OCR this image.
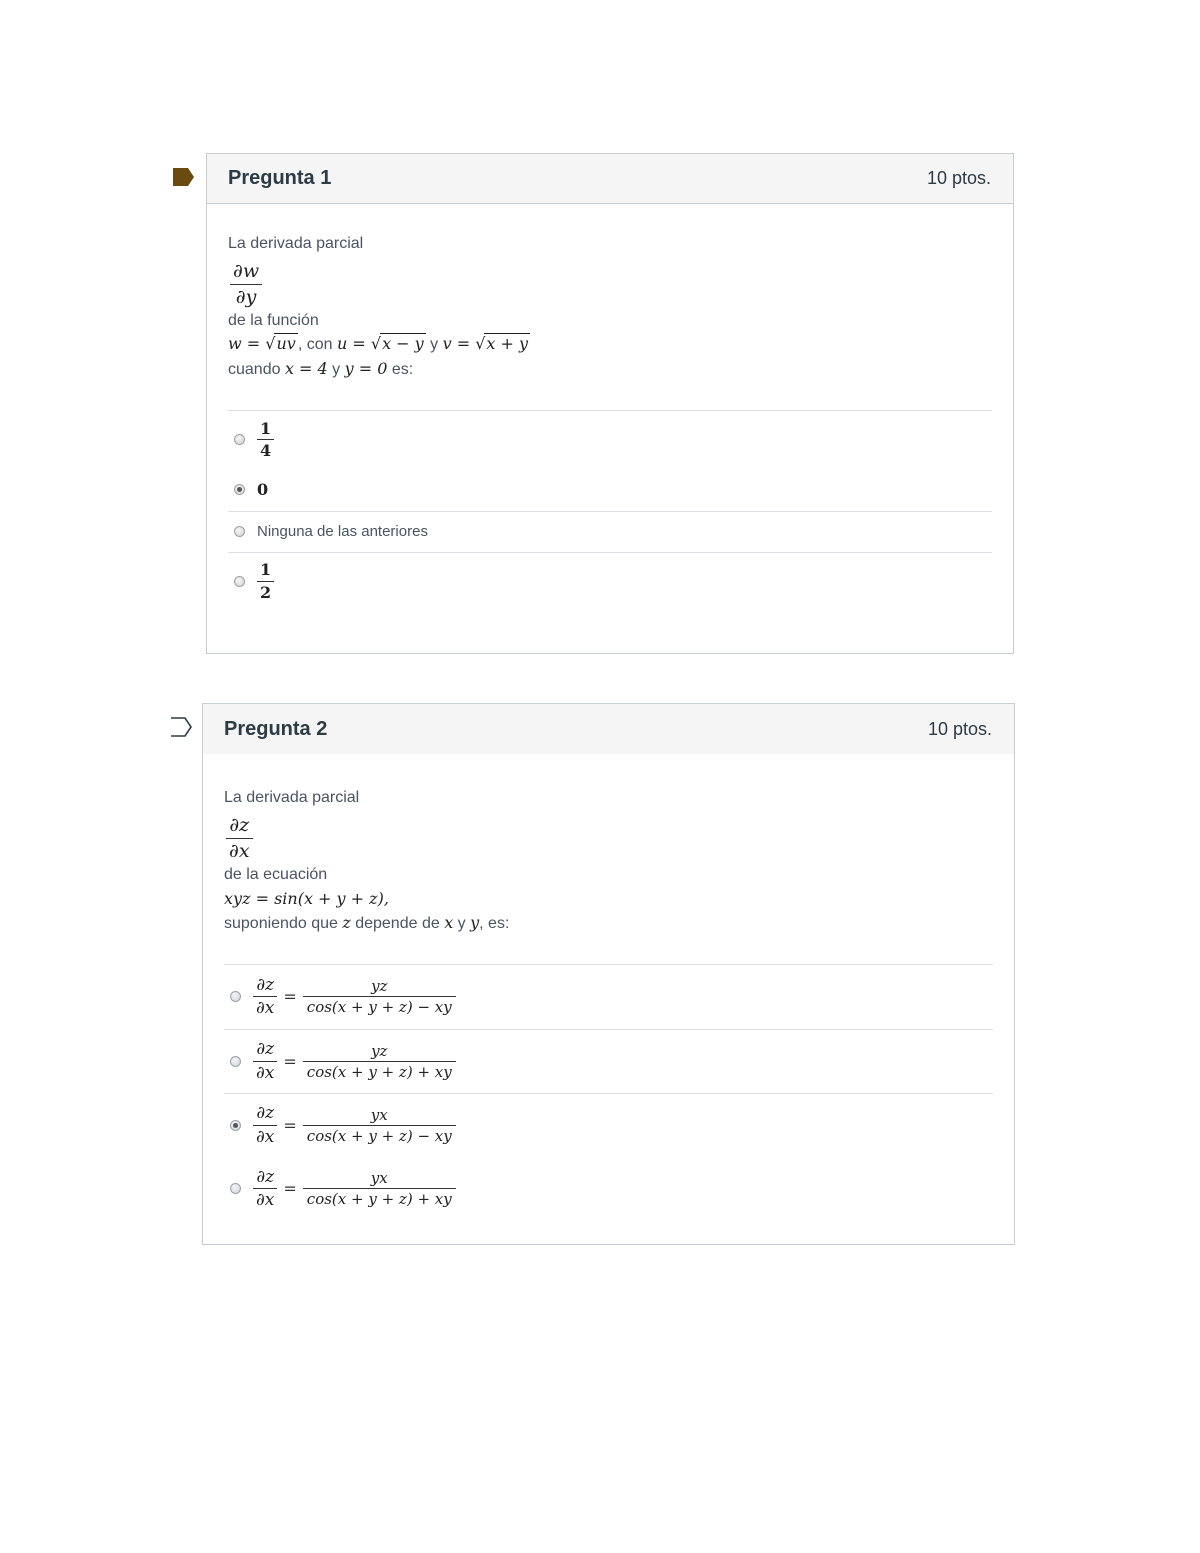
Pregunta 1	10 ptos.

La derivada parcial

$\frac{\partial w}{\partial y}$

de la función

w = √uv , con u = √x − y y v = √x + y

cuando x = 4 y y = 0 es:

$\frac{1}{4}$
0
Ninguna de las anteriores
$\frac{1}{2}$
Pregunta 2	10 ptos.

La derivada parcial

$\frac{\partial z}{\partial x}$

de la ecuación

xyz = sin(x + y + z),

suponiendo que z depende de x y y, es:

$\frac{\partial z}{\partial x} = \frac{yz}{\cos(x + y + z) - xy}$
$\frac{\partial z}{\partial x} = \frac{yz}{\cos(x + y + z) + xy}$
$\frac{\partial z}{\partial x} = \frac{yx}{\cos(x + y + z) - xy}$
$\frac{\partial z}{\partial x} = \frac{yx}{\cos(x + y + z) + xy}$
